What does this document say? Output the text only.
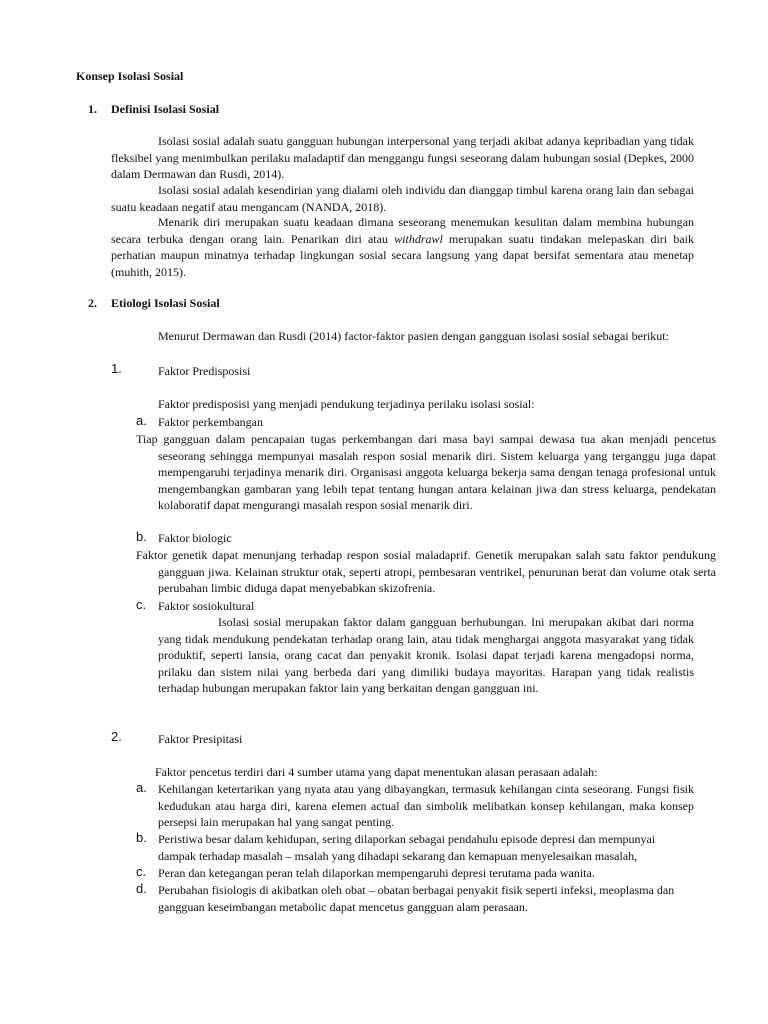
Konsep Isolasi Sosial
1. Definisi Isolasi Sosial
Isolasi sosial adalah suatu gangguan hubungan interpersonal yang terjadi akibat adanya kepribadian yang tidak fleksibel yang menimbulkan perilaku maladaptif dan menggangu fungsi seseorang dalam hubungan sosial (Depkes, 2000 dalam Dermawan dan Rusdi, 2014).
Isolasi sosial adalah kesendirian yang dialami oleh individu dan dianggap timbul karena orang lain dan sebagai suatu keadaan negatif atau mengancam (NANDA, 2018).
Menarik diri merupakan suatu keadaan dimana seseorang menemukan kesulitan dalam membina hubungan secara terbuka dengan orang lain. Penarikan diri atau withdrawl merupakan suatu tindakan melepaskan diri baik perhatian maupun minatnya terhadap lingkungan sosial secara langsung yang dapat bersifat sementara atau menetap (muhith, 2015).
2. Etiologi Isolasi Sosial
Menurut Dermawan dan Rusdi (2014) factor-faktor pasien dengan gangguan isolasi sosial sebagai berikut:
1.	Faktor Predisposisi
Faktor predisposisi yang menjadi pendukung terjadinya perilaku isolasi sosial:
a. Faktor perkembangan
Tiap gangguan dalam pencapaian tugas perkembangan dari masa bayi sampai dewasa tua akan menjadi pencetus seseorang sehingga mempunyai masalah respon sosial menarik diri. Sistem keluarga yang terganggu juga dapat mempengaruhi terjadinya menarik diri. Organisasi anggota keluarga bekerja sama dengan tenaga profesional untuk mengembangkan gambaran yang lebih tepat tentang hungan antara kelainan jiwa dan stress keluarga, pendekatan kolaboratif dapat mengurangi masalah respon sosial menarik diri.
b. Faktor biologic
Faktor genetik dapat menunjang terhadap respon sosial maladaprif. Genetik merupakan salah satu faktor pendukung gangguan jiwa. Kelainan struktur otak, seperti atropi, pembesaran ventrikel, penurunan berat dan volume otak serta perubahan limbic diduga dapat menyebabkan skizofrenia.
c. Faktor sosiokultural
Isolasi sosial merupakan faktor dalam gangguan berhubungan. Ini merupakan akibat dari norma yang tidak mendukung pendekatan terhadap orang lain, atau tidak menghargai anggota masyarakat yang tidak produktif, seperti lansia, orang cacat dan penyakit kronik. Isolasi dapat terjadi karena mengadopsi norma, prilaku dan sistem nilai yang berbeda dari yang dimiliki budaya mayoritas. Harapan yang tidak realistis terhadap hubungan merupakan faktor lain yang berkaitan dengan gangguan ini.
2.	Faktor Presipitasi
Faktor pencetus terdiri dari 4 sumber utama yang dapat menentukan alasan perasaan adalah:
a. Kehilangan ketertarikan yang nyata atau yang dibayangkan, termasuk kehilangan cinta seseorang. Fungsi fisik kedudukan atau harga diri, karena elemen actual dan simbolik melibatkan konsep kehilangan, maka konsep persepsi lain merupakan hal yang sangat penting.
b. Peristiwa besar dalam kehidupan, sering dilaporkan sebagai pendahulu episode depresi dan mempunyai dampak terhadap masalah – msalah yang dihadapi sekarang dan kemapuan menyelesaikan masalah,
c. Peran dan ketegangan peran telah dilaporkan mempengaruhi depresi terutama pada wanita.
d. Perubahan fisiologis di akibatkan oleh obat – obatan berbagai penyakit fisik seperti infeksi, meoplasma dan gangguan keseimbangan metabolic dapat mencetus gangguan alam perasaan.
